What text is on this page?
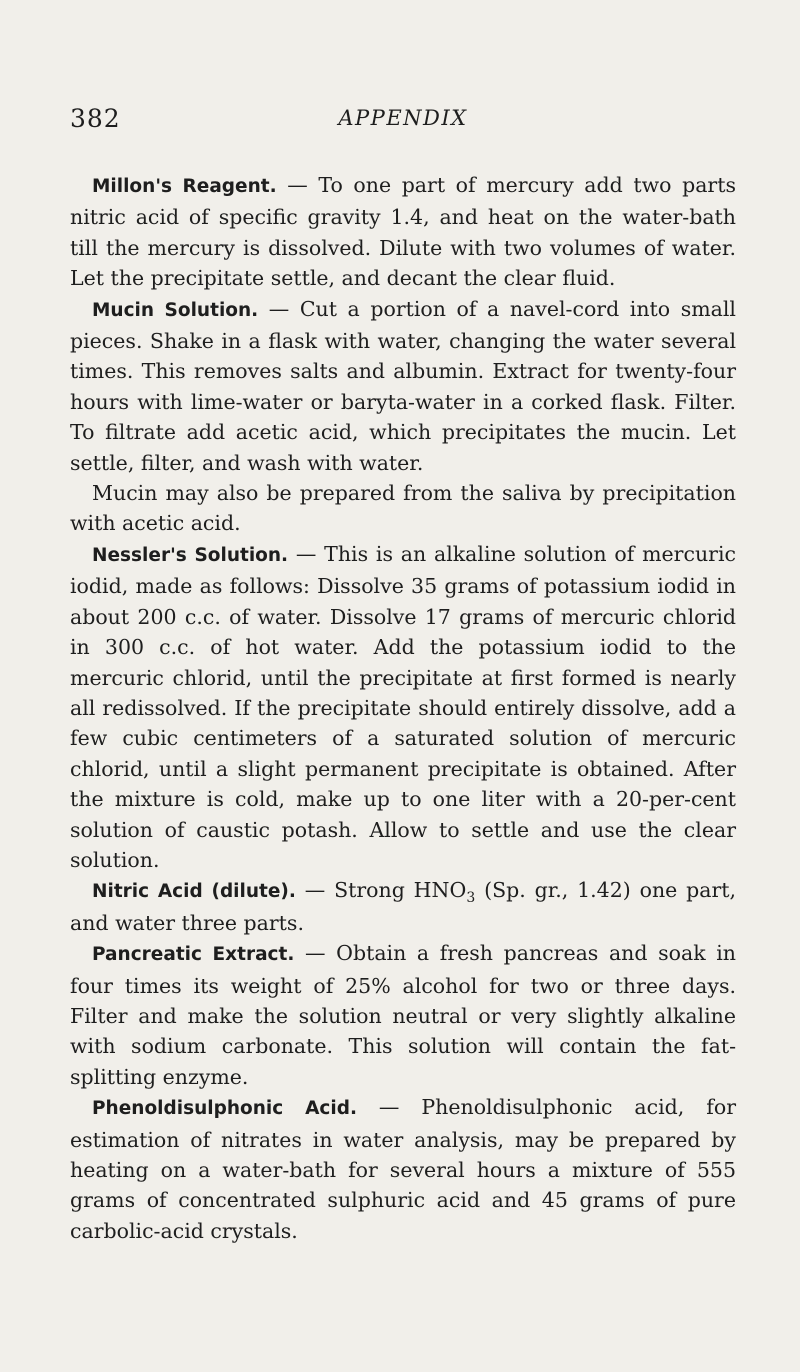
382	APPENDIX

Millon's Reagent. — To one part of mercury add two parts nitric acid of specific gravity 1.4, and heat on the water-bath till the mercury is dissolved. Dilute with two volumes of water. Let the precipitate settle, and decant the clear fluid.

Mucin Solution. — Cut a portion of a navel-cord into small pieces. Shake in a flask with water, changing the water several times. This removes salts and albumin. Extract for twenty-four hours with lime-water or baryta-water in a corked flask. Filter. To filtrate add acetic acid, which precipitates the mucin. Let settle, filter, and wash with water.

Mucin may also be prepared from the saliva by precipitation with acetic acid.

Nessler's Solution. — This is an alkaline solution of mercuric iodid, made as follows: Dissolve 35 grams of potassium iodid in about 200 c.c. of water. Dissolve 17 grams of mercuric chlorid in 300 c.c. of hot water. Add the potassium iodid to the mercuric chlorid, until the precipitate at first formed is nearly all redissolved. If the precipitate should entirely dissolve, add a few cubic centimeters of a saturated solution of mercuric chlorid, until a slight permanent precipitate is obtained. After the mixture is cold, make up to one liter with a 20-per-cent solution of caustic potash. Allow to settle and use the clear solution.

Nitric Acid (dilute). — Strong $HNO_3$ (Sp. gr., 1.42) one part, and water three parts.

Pancreatic Extract. — Obtain a fresh pancreas and soak in four times its weight of 25% alcohol for two or three days. Filter and make the solution neutral or very slightly alkaline with sodium carbonate. This solution will contain the fat-splitting enzyme.

Phenoldisulphonic Acid. — Phenoldisulphonic acid, for estimation of nitrates in water analysis, may be prepared by heating on a water-bath for several hours a mixture of 555 grams of concentrated sulphuric acid and 45 grams of pure carbolic-acid crystals.
